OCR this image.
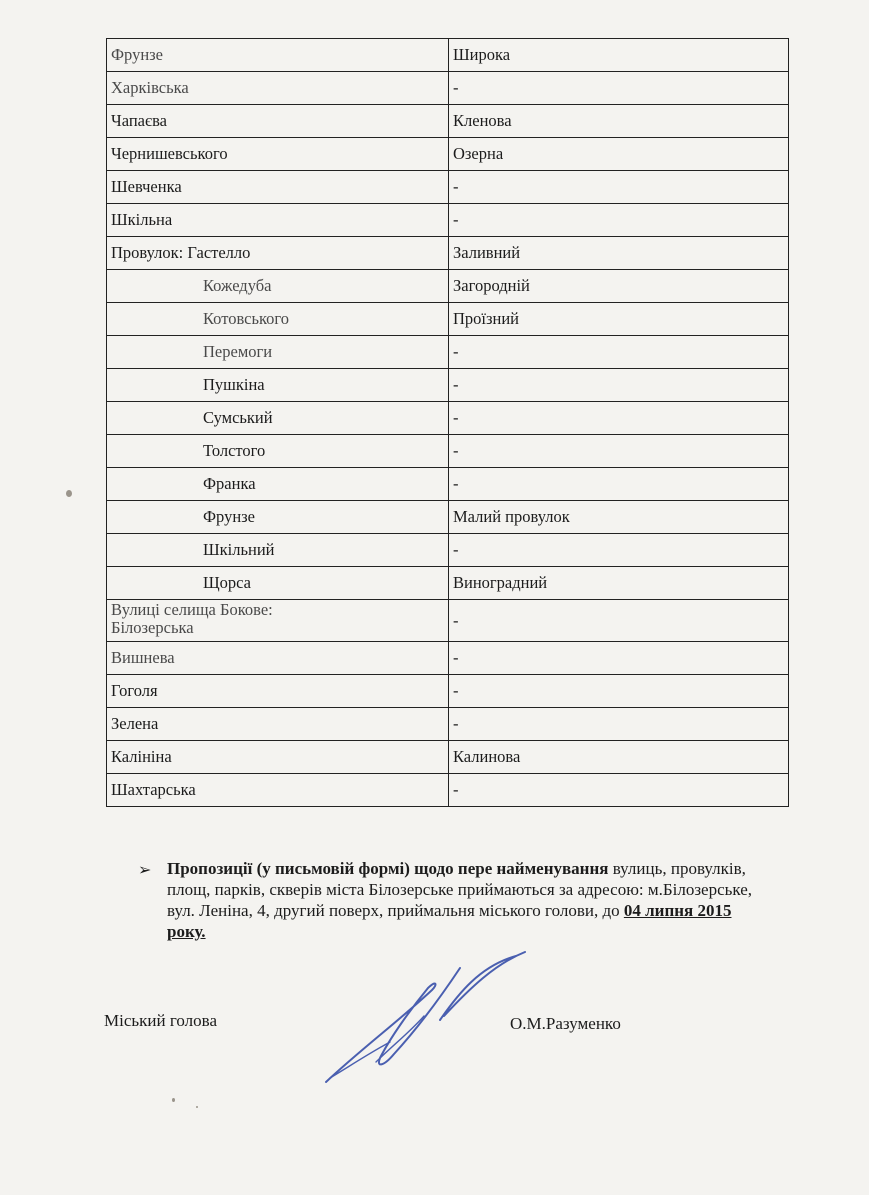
Фрунзе	Широка
Харківська	-
Чапаєва	Кленова
Чернишевського	Озерна
Шевченка	-
Шкільна	-
Провулок: Гастелло	Заливний
Кожедуба	Загородній
Котовського	Проїзний
Перемоги	-
Пушкіна	-
Сумський	-
Толстого	-
Франка	-
Фрунзе	Малий провулок
Шкільний	-
Щорса	Виноградний

Вулиці селища Бокове:
Білозерська	-
Вишнева	-
Гоголя	-
Зелена	-
Калініна	Калинова
Шахтарська	-
➢ Пропозиції (у письмовій формі) щодо пере найменування вулиць, провулків, площ, парків, скверів міста Білозерське приймаються за адресою: м.Білозерське, вул. Леніна, 4, другий поверх, приймальня міського голови, до 04 липня 2015 року.
Міський голова	О.М.Разуменко
